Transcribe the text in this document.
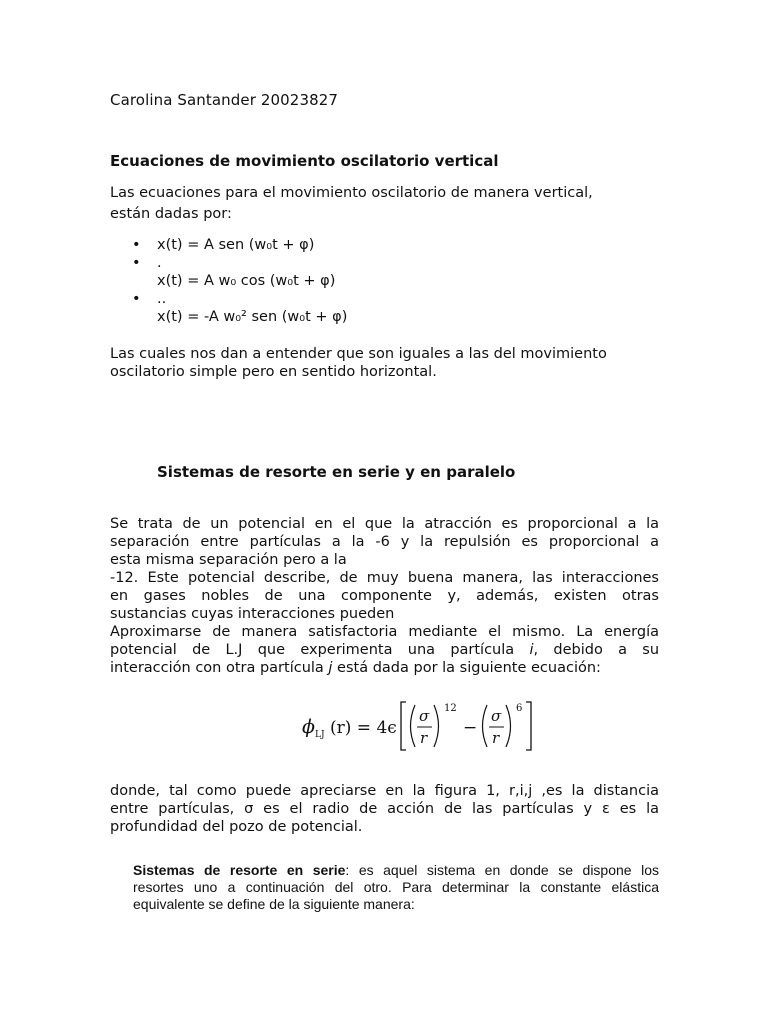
Carolina Santander 20023827
Ecuaciones de movimiento oscilatorio vertical
Las ecuaciones para el movimiento oscilatorio de manera vertical,
están dadas por:
• x(t) = A sen (w₀t + φ)
• .
x(t) = A w₀ cos (w₀t + φ)
• ..
x(t) = -A w₀² sen (w₀t + φ)
Las cuales nos dan a entender que son iguales a las del movimiento
oscilatorio simple pero en sentido horizontal.
Sistemas de resorte en serie y en paralelo
Se trata de un potencial en el que la atracción es proporcional a la
separación entre partículas a la -6 y la repulsión es proporcional a
esta misma separación pero a la
-12. Este potencial describe, de muy buena manera, las interacciones
en gases nobles de una componente y, además, existen otras
sustancias cuyas interacciones pueden
Aproximarse de manera satisfactoria mediante el mismo. La energía
potencial de L.J que experimenta una partícula i, debido a su
interacción con otra partícula j está dada por la siguiente ecuación:
ϕ LJ (r) = 4ϵ
σ
r
12
−
σ
r
6
donde, tal como puede apreciarse en la figura 1, r,i,j ,es la distancia
entre partículas, σ es el radio de acción de las partículas y ε es la
profundidad del pozo de potencial.
Sistemas de resorte en serie: es aquel sistema en donde se dispone los
resortes uno a continuación del otro. Para determinar la constante elástica
equivalente se define de la siguiente manera:
